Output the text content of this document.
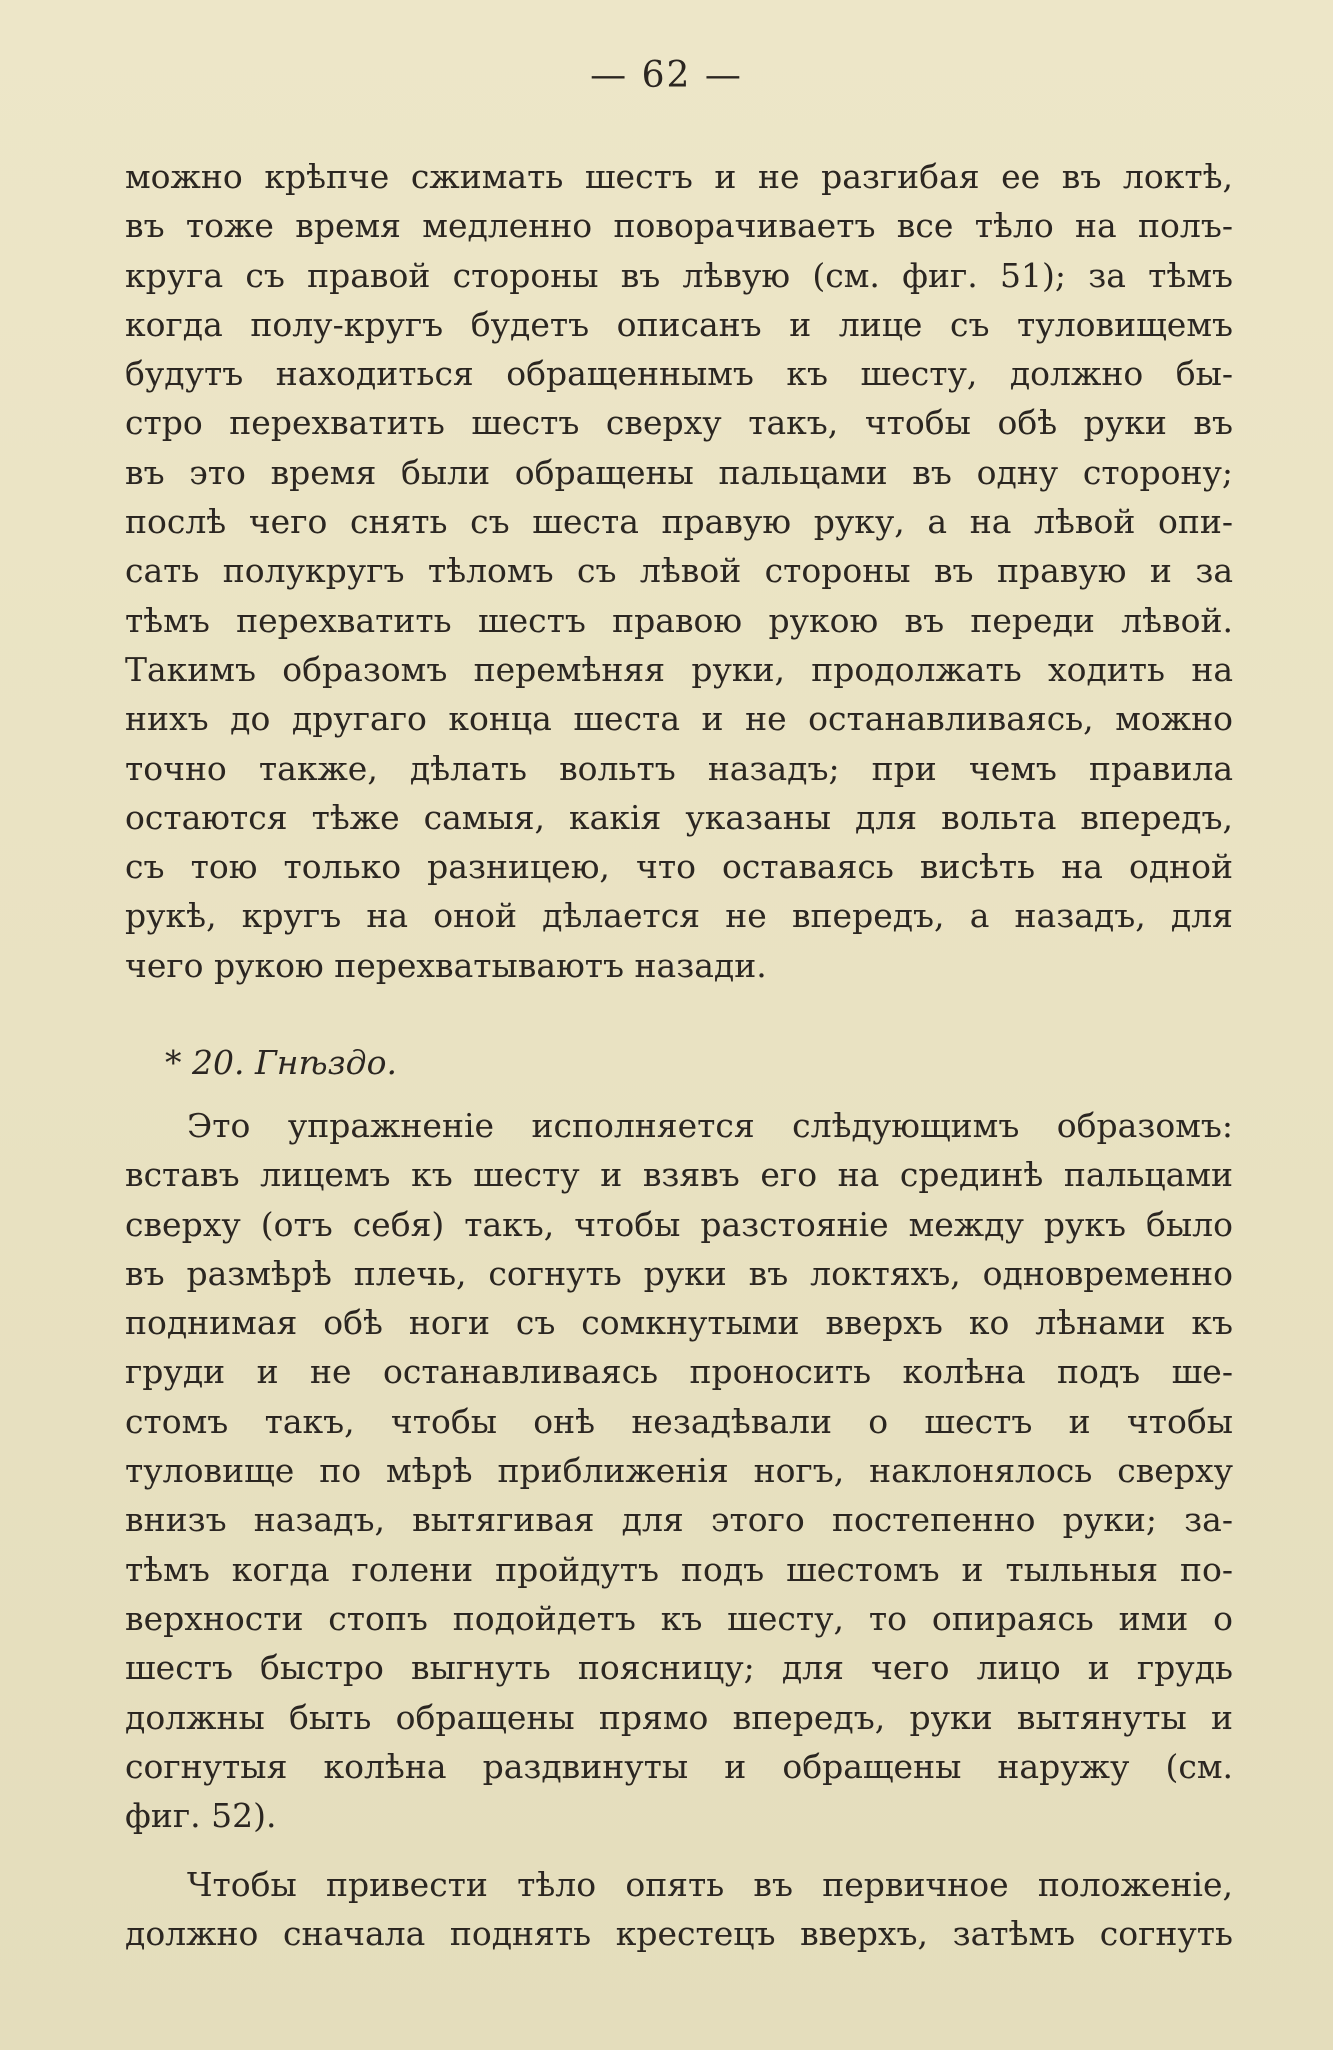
— 62 —
можно крѣпче сжимать шестъ и не разгибая ее въ локтѣ,
въ тоже время медленно поворачиваетъ все тѣло на полъ-
круга съ правой стороны въ лѣвую (см. фиг. 51); за тѣмъ
когда полу-кругъ будетъ описанъ и лице съ туловищемъ
будутъ находиться обращеннымъ къ шесту, должно бы-
стро перехватить шестъ сверху такъ, чтобы обѣ руки въ
въ это время были обращены пальцами въ одну сторону;
послѣ чего снять съ шеста правую руку, а на лѣвой опи-
сать полукругъ тѣломъ съ лѣвой стороны въ правую и за
тѣмъ перехватить шестъ правою рукою въ переди лѣвой.
Такимъ образомъ перемѣняя руки, продолжать ходить на
нихъ до другаго конца шеста и не останавливаясь, можно
точно также, дѣлать вольтъ назадъ; при чемъ правила
остаются тѣже самыя, какія указаны для вольта впередъ,
съ тою только разницею, что оставаясь висѣть на одной
рукѣ, кругъ на оной дѣлается не впередъ, а назадъ, для
чего рукою перехватываютъ назади.
* 20. Гнѣздо.
Это упражненіе исполняется слѣдующимъ образомъ:
вставъ лицемъ къ шесту и взявъ его на срединѣ пальцами
сверху (отъ себя) такъ, чтобы разстояніе между рукъ было
въ размѣрѣ плечь, согнуть руки въ локтяхъ, одновременно
поднимая обѣ ноги съ сомкнутыми вверхъ ко лѣнами къ
груди и не останавливаясь проносить колѣна подъ ше-
стомъ такъ, чтобы онѣ незадѣвали о шестъ и чтобы
туловище по мѣрѣ приближенія ногъ, наклонялось сверху
внизъ назадъ, вытягивая для этого постепенно руки; за-
тѣмъ когда голени пройдутъ подъ шестомъ и тыльныя по-
верхности стопъ подойдетъ къ шесту, то опираясь ими о
шестъ быстро выгнуть поясницу; для чего лицо и грудь
должны быть обращены прямо впередъ, руки вытянуты и
согнутыя колѣна раздвинуты и обращены наружу (см.
фиг. 52).
Чтобы привести тѣло опять въ первичное положеніе,
должно сначала поднять крестецъ вверхъ, затѣмъ согнуть
